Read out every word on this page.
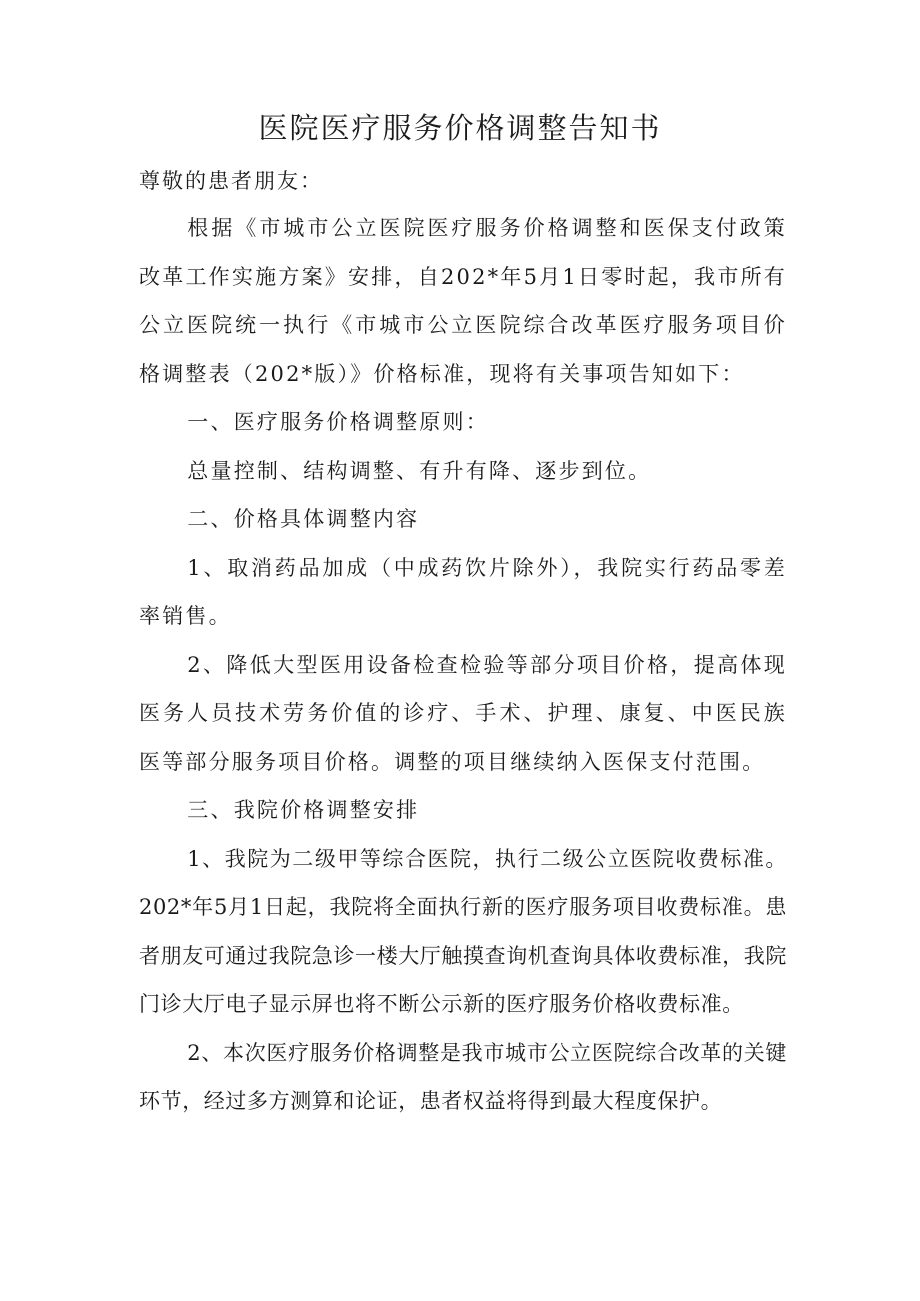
医院医疗服务价格调整告知书
尊敬的患者朋友：

根据《市城市公立医院医疗服务价格调整和医保支付政策改革工作实施方案》安排，自202*年5月1日零时起，我市所有公立医院统一执行《市城市公立医院综合改革医疗服务项目价格调整表（202*版）》价格标准，现将有关事项告知如下：

一、医疗服务价格调整原则：

总量控制、结构调整、有升有降、逐步到位。

二、价格具体调整内容

1、取消药品加成（中成药饮片除外），我院实行药品零差率销售。

2、降低大型医用设备检查检验等部分项目价格，提高体现医务人员技术劳务价值的诊疗、手术、护理、康复、中医民族医等部分服务项目价格。调整的项目继续纳入医保支付范围。

三、我院价格调整安排

1、我院为二级甲等综合医院，执行二级公立医院收费标准。202*年5月1日起，我院将全面执行新的医疗服务项目收费标准。患者朋友可通过我院急诊一楼大厅触摸查询机查询具体收费标准，我院门诊大厅电子显示屏也将不断公示新的医疗服务价格收费标准。

2、本次医疗服务价格调整是我市城市公立医院综合改革的关键环节，经过多方测算和论证，患者权益将得到最大程度保护。
